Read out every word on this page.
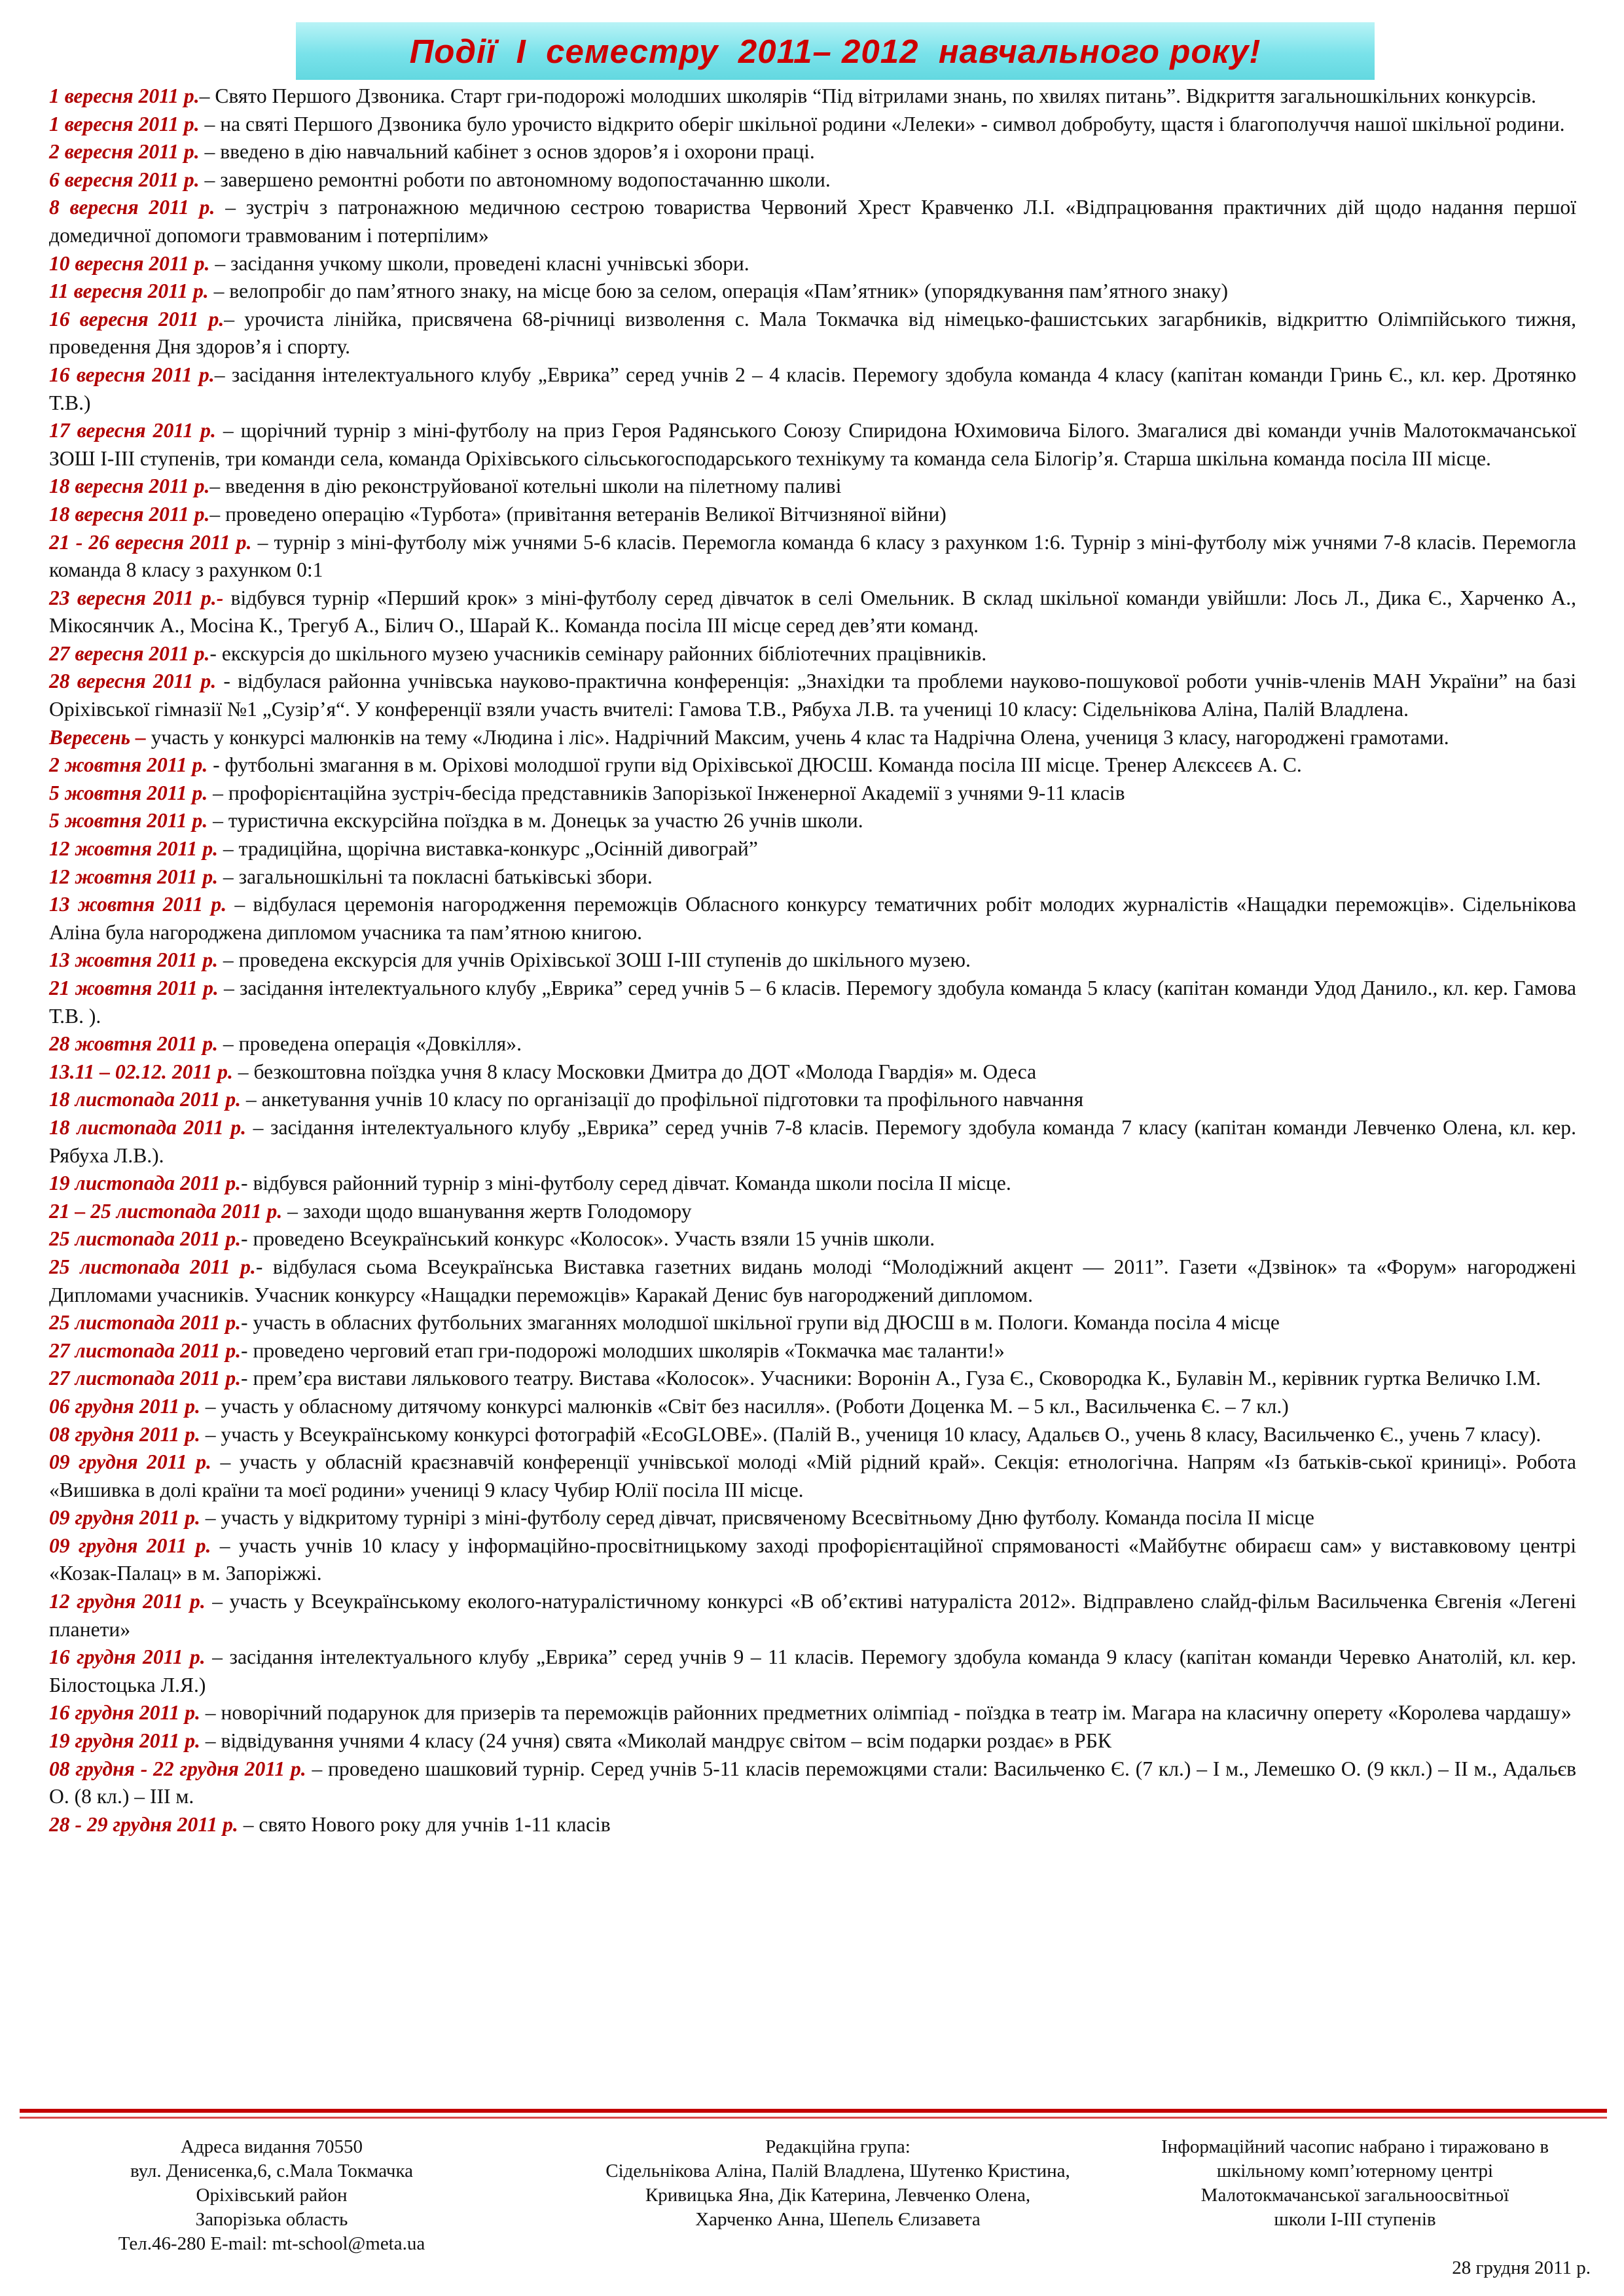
Події  І  семестру  2011– 2012  навчального року!

1 вересня 2011 р.– Свято Першого Дзвоника. Старт гри-подорожі молодших школярів “Під вітрилами знань, по хвилях питань”. Відкриття загальношкільних конкурсів.

1 вересня 2011 р. – на святі Першого Дзвоника було урочисто відкрито оберіг шкільної родини «Лелеки» - символ добробуту, щастя і благополуччя нашої шкільної родини.

2 вересня 2011 р. – введено в дію навчальний кабінет з основ здоров’я і охорони праці.

6 вересня 2011 р. – завершено ремонтні роботи по автономному водопостачанню школи.

8 вересня 2011 р. – зустріч з патронажною медичною сестрою товариства Червоний Хрест Кравченко Л.І. «Відпрацювання практичних дій щодо надання першої домедичної допомоги травмованим і потерпілим»

10 вересня 2011 р. – засідання учкому школи, проведені класні учнівські збори.

11 вересня 2011 р. – велопробіг до пам’ятного знаку, на місце бою за селом, операція «Пам’ятник» (упорядкування пам’ятного знаку)

16 вересня 2011 р.– урочиста лінійка, присвячена 68-річниці визволення с. Мала Токмачка від німецько-фашистських загарбників, відкриттю Олімпійського тижня, проведення Дня здоров’я і спорту.

16 вересня 2011 р.– засідання інтелектуального клубу „Еврика” серед учнів 2 – 4 класів. Перемогу здобула команда 4 класу (капітан команди Гринь Є., кл. кер. Дротянко Т.В.)

17 вересня 2011 р. – щорічний турнір з міні-футболу на приз Героя Радянського Союзу Спиридона Юхимовича Білого. Змагалися дві команди учнів Малотокмачанської ЗОШ І-ІІІ ступенів, три команди села, команда Оріхівського сільськогосподарського технікуму та команда села Білогір’я. Старша шкільна команда посіла ІІІ місце.

18 вересня 2011 р.– введення в дію реконструйованої котельні школи на пілетному паливі

18 вересня 2011 р.– проведено операцію «Турбота» (привітання ветеранів Великої Вітчизняної війни)

21 - 26 вересня 2011 р. – турнір з міні-футболу між учнями 5-6 класів. Перемогла команда 6 класу з рахунком 1:6. Турнір з міні-футболу між учнями 7-8 класів. Перемогла команда 8 класу з рахунком 0:1

23 вересня 2011 р.- відбувся турнір «Перший крок» з міні-футболу серед дівчаток в селі Омельник. В склад шкільної команди увійшли: Лось Л., Дика Є., Харченко А., Мікосянчик А., Мосіна К., Трегуб А., Білич О., Шарай К.. Команда посіла ІІІ місце серед дев’яти команд.

27 вересня 2011 р.- екскурсія до шкільного музею учасників семінару районних бібліотечних працівників.

28 вересня 2011 р. - відбулася районна учнівська науково-практична конференція: „Знахідки та проблеми науково-пошукової роботи учнів-членів МАН України” на базі Оріхівської гімназії №1 „Сузір’я“. У конференції взяли участь вчителі: Гамова Т.В., Рябуха Л.В. та учениці 10 класу: Сідельнікова Аліна, Палій Владлена.

Вересень – участь у конкурсі малюнків на тему «Людина і ліс». Надрічний Максим, учень 4 клас та Надрічна Олена, учениця 3 класу, нагороджені грамотами.

2 жовтня 2011 р. - футбольні змагання в м. Оріхові молодшої групи від Оріхівської ДЮСШ. Команда посіла ІІІ місце. Тренер Алєксєєв А. С.

5 жовтня 2011 р. – профорієнтаційна зустріч-бесіда представників Запорізької Інженерної Академії з учнями 9-11 класів

5 жовтня 2011 р. – туристична екскурсійна поїздка в м. Донецьк за участю 26 учнів школи.

12 жовтня 2011 р. – традиційна, щорічна виставка-конкурс „Осінній дивограй”

12 жовтня 2011 р. – загальношкільні та покласні батьківські збори.

13 жовтня 2011 р. – відбулася церемонія нагородження переможців Обласного конкурсу тематичних робіт молодих журналістів «Нащадки переможців». Сідельнікова Аліна була нагороджена дипломом учасника та пам’ятною книгою.

13 жовтня 2011 р. – проведена екскурсія для учнів Оріхівської ЗОШ І-ІІІ ступенів до шкільного музею.

21 жовтня 2011 р. – засідання інтелектуального клубу „Еврика” серед учнів 5 – 6 класів. Перемогу здобула команда 5 класу (капітан команди Удод Данило., кл. кер. Гамова Т.В. ).

28 жовтня 2011 р. – проведена операція «Довкілля».

13.11 – 02.12. 2011 р. – безкоштовна поїздка учня 8 класу Московки Дмитра до ДОТ «Молода Гвардія» м. Одеса

18 листопада 2011 р. – анкетування учнів 10 класу по організації до профільної підготовки та профільного навчання

18 листопада 2011 р. – засідання інтелектуального клубу „Еврика” серед учнів 7-8 класів. Перемогу здобула команда 7 класу (капітан команди Левченко Олена, кл. кер. Рябуха Л.В.).

19 листопада 2011 р.- відбувся районний турнір з міні-футболу серед дівчат. Команда школи посіла ІІ місце.

21 – 25 листопада 2011 р. – заходи щодо вшанування жертв Голодомору

25 листопада 2011 р.- проведено Всеукраїнський конкурс «Колосок». Участь взяли 15 учнів школи.

25 листопада 2011 р.- відбулася сьома Всеукраїнська Виставка газетних видань молоді “Молодіжний акцент — 2011”. Газети «Дзвінок» та «Форум» нагороджені Дипломами учасників. Учасник конкурсу «Нащадки переможців» Каракай Денис був нагороджений дипломом.

25 листопада 2011 р.- участь в обласних футбольних змаганнях молодшої шкільної групи від ДЮСШ в м. Пологи. Команда посіла 4 місце

27 листопада 2011 р.- проведено черговий етап гри-подорожі молодших школярів «Токмачка має таланти!»

27 листопада 2011 р.- прем’єра вистави лялькового театру. Вистава «Колосок». Учасники: Воронін А., Гуза Є., Сковородка К., Булавін М., керівник гуртка Величко І.М.

06 грудня 2011 р. – участь у обласному дитячому конкурсі малюнків «Світ без насилля». (Роботи Доценка М. – 5 кл., Васильченка Є. – 7 кл.)

08 грудня 2011 р. – участь у Всеукраїнському конкурсі фотографій «EcoGLOBE». (Палій В., учениця 10 класу, Адальєв О., учень 8 класу, Васильченко Є., учень 7 класу).

09 грудня 2011 р. – участь у обласній краєзнавчій конференції учнівської молоді «Мій рідний край». Секція: етнологічна. Напрям «Із батьків-ської криниці». Робота «Вишивка в долі країни та моєї родини» учениці 9 класу Чубир Юлії посіла ІІІ місце.

09 грудня 2011 р. – участь у відкритому турнірі з міні-футболу серед дівчат, присвяченому Всесвітньому Дню футболу. Команда посіла ІІ місце

09 грудня 2011 р. – участь учнів 10 класу у інформаційно-просвітницькому заході профорієнтаційної спрямованості «Майбутнє обираєш сам» у виставковому центрі «Козак-Палац» в м. Запоріжжі.

12 грудня 2011 р. – участь у Всеукраїнському еколого-натуралістичному конкурсі «В об’єктиві натураліста 2012». Відправлено слайд-фільм Васильченка Євгенія «Легені планети»

16 грудня 2011 р. – засідання інтелектуального клубу „Еврика” серед учнів 9 – 11 класів. Перемогу здобула команда 9 класу (капітан команди Черевко Анатолій, кл. кер. Білостоцька Л.Я.)

16 грудня 2011 р. – новорічний подарунок для призерів та переможців районних предметних олімпіад - поїздка в театр ім. Магара на класичну оперету «Королева чардашу»

19 грудня 2011 р. – відвідування учнями 4 класу (24 учня) свята «Миколай мандрує світом – всім подарки роздає» в РБК

08 грудня - 22 грудня 2011 р. – проведено шашковий турнір. Серед учнів 5-11 класів переможцями стали: Васильченко Є. (7 кл.) – І м., Лемешко О. (9 ккл.) – ІІ м., Адальєв О. (8 кл.) – ІІІ м.

28 - 29 грудня 2011 р. – свято Нового року для учнів 1-11 класів

Адреса видання 70550
вул. Денисенка,6, с.Мала Токмачка
Оріхівський район
Запорізька область
Тел.46-280 E-mail: mt-school@meta.ua
Редакційна група:
Сідельнікова Аліна, Палій Владлена, Шутенко Кристина,
Кривицька Яна, Дік Катерина, Левченко Олена,
Харченко Анна, Шепель Єлизавета
Інформаційний часопис набрано і тиражовано в
шкільному комп’ютерному центрі
Малотокмачанської загальноосвітньої
школи І-ІІІ ступенів
28 грудня 2011 р.
